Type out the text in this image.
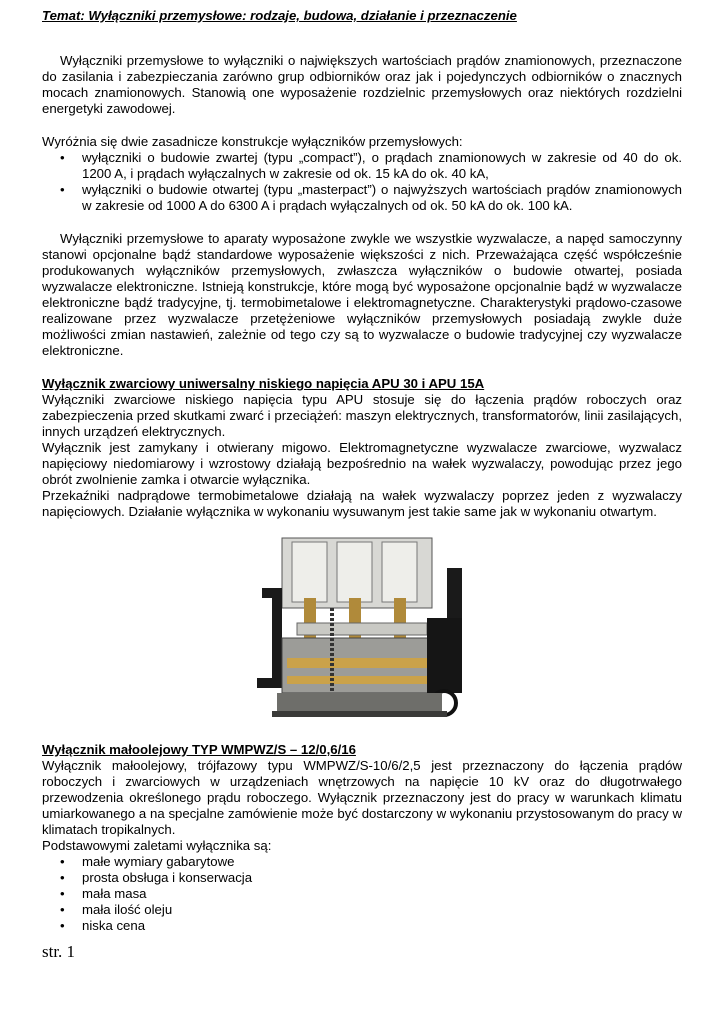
Temat: Wyłączniki przemysłowe: rodzaje, budowa, działanie i przeznaczenie

Wyłączniki przemysłowe to wyłączniki o największych wartościach prądów znamionowych, przeznaczone do zasilania i zabezpieczania zarówno grup odbiorników oraz jak i pojedynczych odbiorników o znacznych mocach znamionowych. Stanowią one wyposażenie rozdzielnic przemysłowych oraz niektórych rozdzielni energetyki zawodowej.

Wyróżnia się dwie zasadnicze konstrukcje wyłączników przemysłowych:

• wyłączniki o budowie zwartej (typu „compact”), o prądach znamionowych w zakresie od 40 do ok. 1200 A, i prądach wyłączalnych w zakresie od ok. 15 kA do ok. 40 kA,
• wyłączniki o budowie otwartej (typu „masterpact”) o najwyższych wartościach prądów znamionowych w zakresie od 1000 A do 6300 A i prądach wyłączalnych od ok. 50 kA do ok. 100 kA.

Wyłączniki przemysłowe to aparaty wyposażone zwykle we wszystkie wyzwalacze, a napęd samoczynny stanowi opcjonalne bądź standardowe wyposażenie większości z nich. Przeważająca część współcześnie produkowanych wyłączników przemysłowych, zwłaszcza wyłączników o budowie otwartej, posiada wyzwalacze elektroniczne. Istnieją konstrukcje, które mogą być wyposażone opcjonalnie bądź w wyzwalacze elektroniczne bądź tradycyjne, tj. termobimetalowe i elektromagnetyczne. Charakterystyki prądowo-czasowe realizowane przez wyzwalacze przetężeniowe wyłączników przemysłowych posiadają zwykle duże możliwości zmian nastawień, zależnie od tego czy są to wyzwalacze o budowie tradycyjnej czy wyzwalacze elektroniczne.

Wyłącznik zwarciowy uniwersalny niskiego napięcia APU 30 i APU 15A

Wyłączniki zwarciowe niskiego napięcia typu APU stosuje się do łączenia prądów roboczych oraz zabezpieczenia przed skutkami zwarć i przeciążeń: maszyn elektrycznych, transformatorów, linii zasilających, innych urządzeń elektrycznych.

Wyłącznik jest zamykany i otwierany migowo. Elektromagnetyczne wyzwalacze zwarciowe, wyzwalacz napięciowy niedomiarowy i wzrostowy działają bezpośrednio na wałek wyzwalaczy, powodując przez jego obrót zwolnienie zamka i otwarcie wyłącznika.

Przekaźniki nadprądowe termobimetalowe działają na wałek wyzwalaczy poprzez jeden z wyzwalaczy napięciowych. Działanie wyłącznika w wykonaniu wysuwanym jest takie same jak w wykonaniu otwartym.

Wyłącznik małoolejowy TYP WMPWZ/S – 12/0,6/16

Wyłącznik małoolejowy, trójfazowy typu WMPWZ/S-10/6/2,5 jest przeznaczony do łączenia prądów roboczych i zwarciowych w urządzeniach wnętrzowych na napięcie 10 kV oraz do długotrwałego przewodzenia określonego prądu roboczego. Wyłącznik przeznaczony jest do pracy w warunkach klimatu umiarkowanego a na specjalne zamówienie może być dostarczony w wykonaniu przystosowanym do pracy w klimatach tropikalnych.

Podstawowymi zaletami wyłącznika są:

• małe wymiary gabarytowe
• prosta obsługa i konserwacja
• mała masa
• mała ilość oleju
• niska cena
str. 1
